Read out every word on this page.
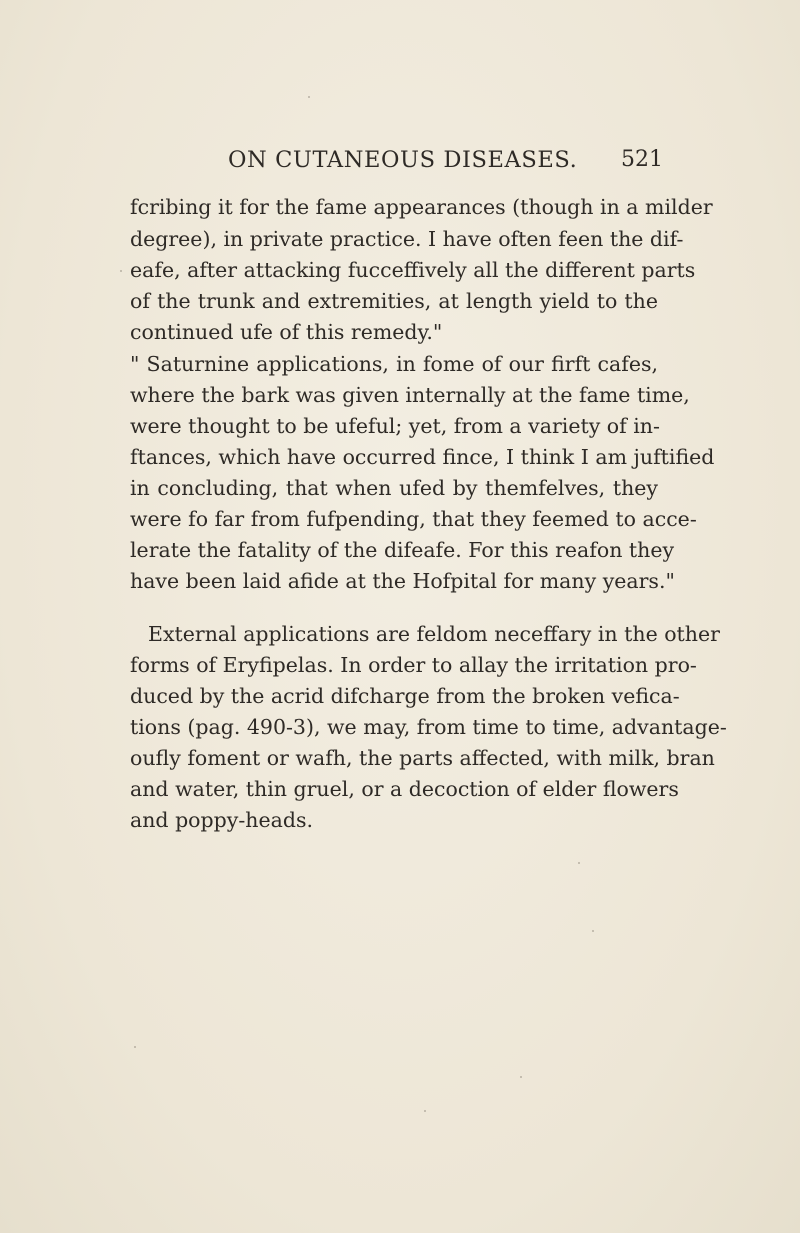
ON CUTANEOUS DISEASES. 521
fcribing it for the fame appearances (though in a milder
degree), in private practice. I have often feen the dif-
eafe, after attacking fucceffively all the different parts
of the trunk and extremities, at length yield to the
continued ufe of this remedy."
" Saturnine applications, in fome of our firft cafes,
where the bark was given internally at the fame time,
were thought to be ufeful; yet, from a variety of in-
ftances, which have occurred fince, I think I am juftified
in concluding, that when ufed by themfelves, they
were fo far from fufpending, that they feemed to acce-
lerate the fatality of the difeafe. For this reafon they
have been laid afide at the Hofpital for many years."
External applications are feldom neceffary in the other
forms of Eryfipelas. In order to allay the irritation pro-
duced by the acrid difcharge from the broken vefica-
tions (pag. 490-3), we may, from time to time, advantage-
oufly foment or wafh, the parts affected, with milk, bran
and water, thin gruel, or a decoction of elder flowers
and poppy-heads.
